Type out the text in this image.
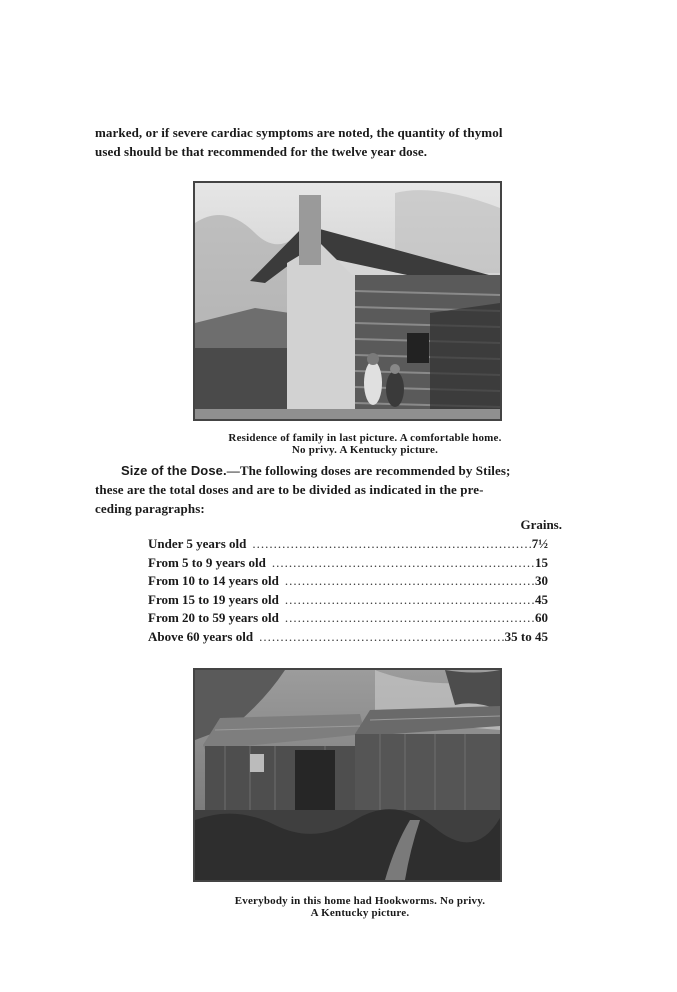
marked, or if severe cardiac symptoms are noted, the quantity of thymol
used should be that recommended for the twelve year dose.
Residence of family in last picture. A comfortable home.
No privy. A Kentucky picture.
Size of the Dose.—The following doses are recommended by Stiles;
these are the total doses and are to be divided as indicated in the pre-
ceding paragraphs:
Grains.
Under 5 years old .....	7½
From 5 to 9 years old .....	15
From 10 to 14 years old .....	30
From 15 to 19 years old .....	45
From 20 to 59 years old .....	60
Above 60 years old .....	35 to 45
Everybody in this home had Hookworms. No privy.
A Kentucky picture.
